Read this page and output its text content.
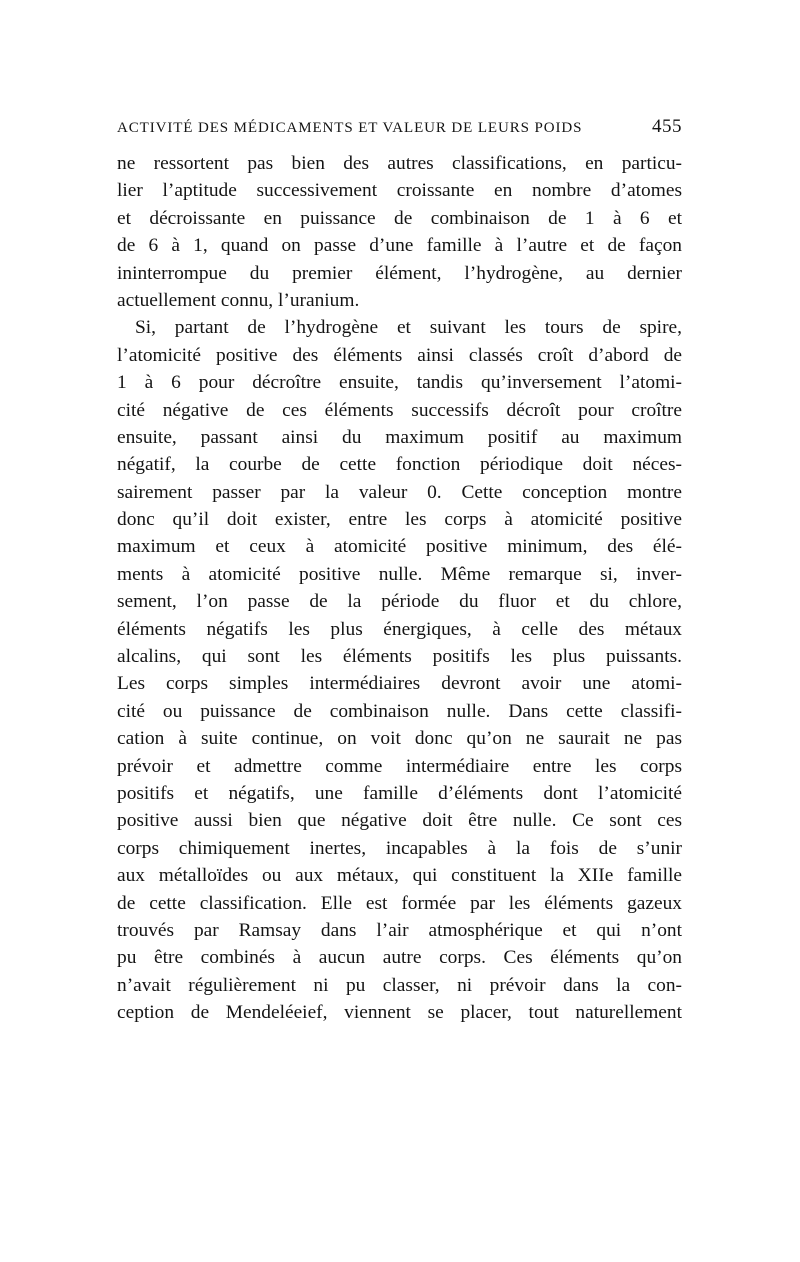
ACTIVITÉ DES MÉDICAMENTS ET VALEUR DE LEURS POIDS	455
ne ressortent pas bien des autres classifications, en particu-
lier l’aptitude successivement croissante en nombre d’atomes
et décroissante en puissance de combinaison de 1 à 6 et
de 6 à 1, quand on passe d’une famille à l’autre et de façon
ininterrompue du premier élément, l’hydrogène, au dernier
actuellement connu, l’uranium.
Si, partant de l’hydrogène et suivant les tours de spire,
l’atomicité positive des éléments ainsi classés croît d’abord de
1 à 6 pour décroître ensuite, tandis qu’inversement l’atomi-
cité négative de ces éléments successifs décroît pour croître
ensuite, passant ainsi du maximum positif au maximum
négatif, la courbe de cette fonction périodique doit néces-
sairement passer par la valeur 0. Cette conception montre
donc qu’il doit exister, entre les corps à atomicité positive
maximum et ceux à atomicité positive minimum, des élé-
ments à atomicité positive nulle. Même remarque si, inver-
sement, l’on passe de la période du fluor et du chlore,
éléments négatifs les plus énergiques, à celle des métaux
alcalins, qui sont les éléments positifs les plus puissants.
Les corps simples intermédiaires devront avoir une atomi-
cité ou puissance de combinaison nulle. Dans cette classifi-
cation à suite continue, on voit donc qu’on ne saurait ne pas
prévoir et admettre comme intermédiaire entre les corps
positifs et négatifs, une famille d’éléments dont l’atomicité
positive aussi bien que négative doit être nulle. Ce sont ces
corps chimiquement inertes, incapables à la fois de s’unir
aux métalloïdes ou aux métaux, qui constituent la XIIe famille
de cette classification. Elle est formée par les éléments gazeux
trouvés par Ramsay dans l’air atmosphérique et qui n’ont
pu être combinés à aucun autre corps. Ces éléments qu’on
n’avait régulièrement ni pu classer, ni prévoir dans la con-
ception de Mendeléeief, viennent se placer, tout naturellement
